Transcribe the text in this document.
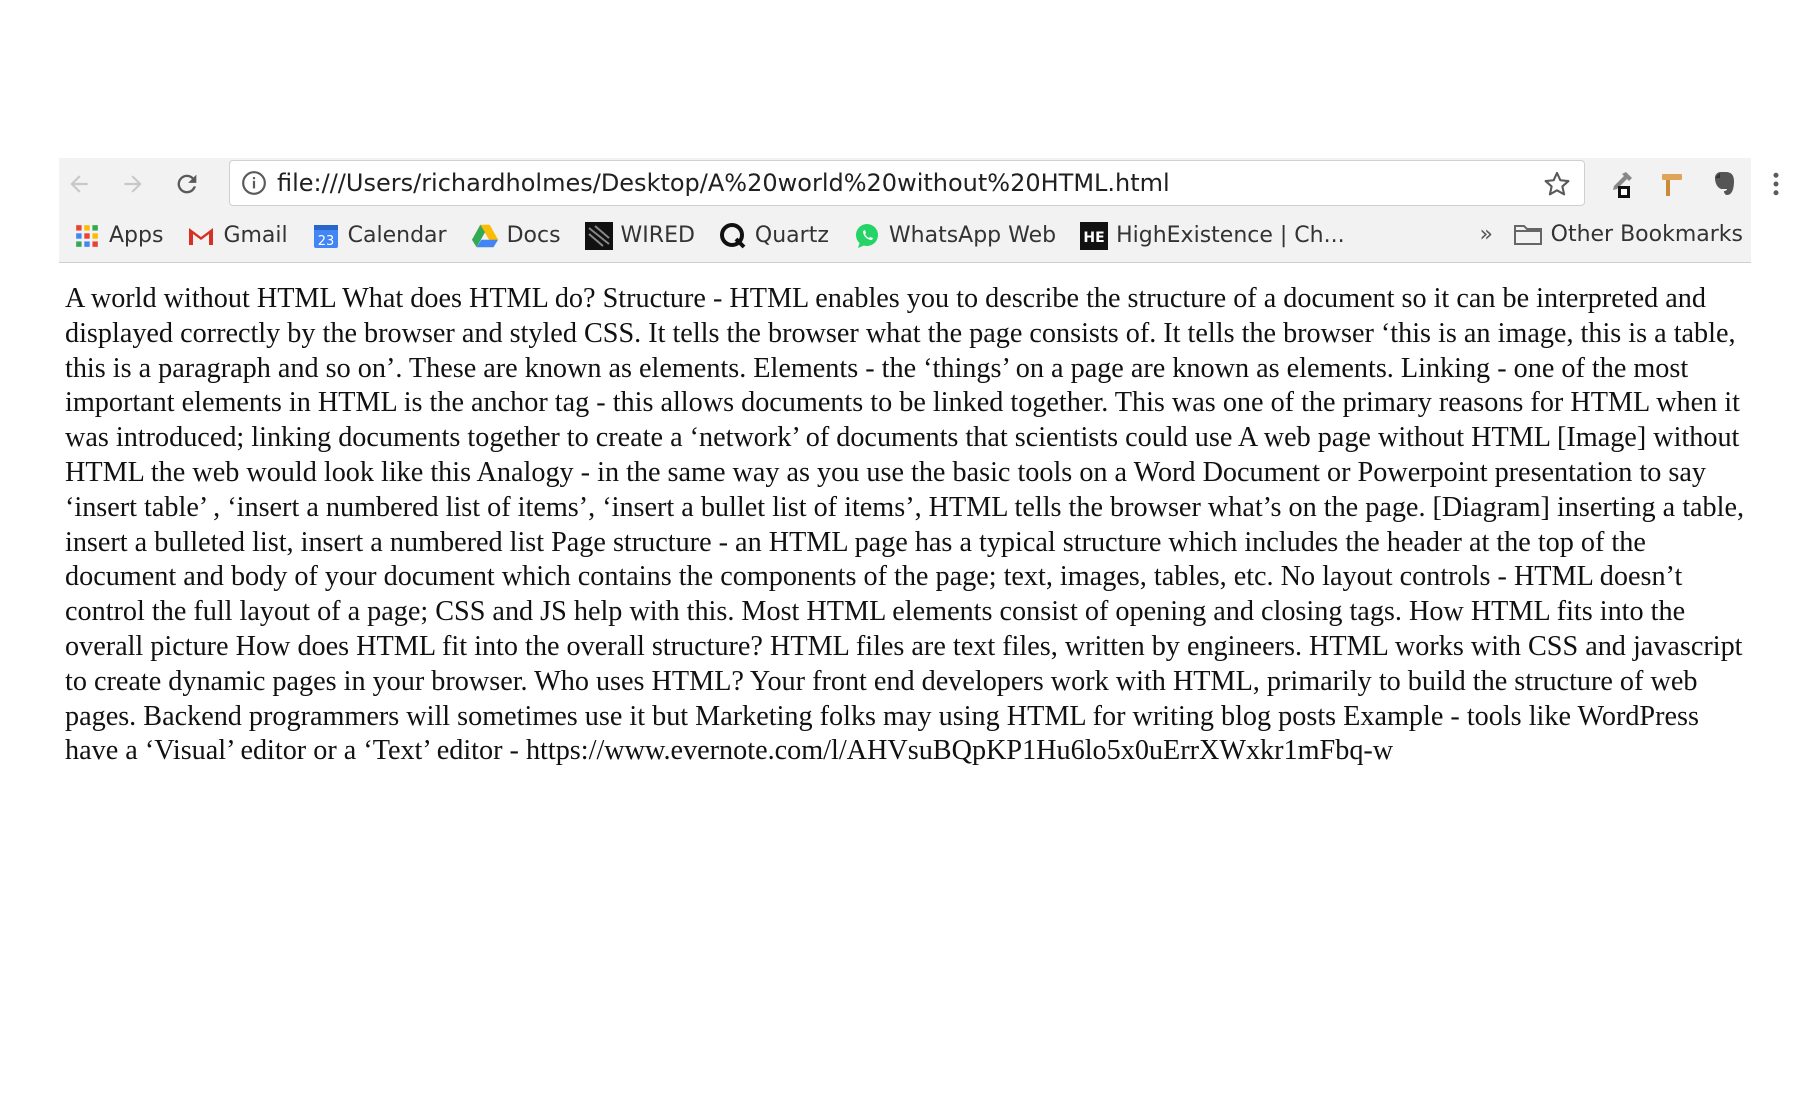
file:///Users/richardholmes/Desktop/A%20world%20without%20HTML.html
Apps	Gmail 23 Calendar	Docs	WIRED	Quartz	WhatsApp Web HE HighExistence | Ch...	»	Other Bookmarks
A world without HTML What does HTML do? Structure - HTML enables you to describe the structure of a document so it can be interpreted and displayed correctly by the browser and styled CSS. It tells the browser what the page consists of. It tells the browser ‘this is an image, this is a table, this is a paragraph and so on’. These are known as elements. Elements - the ‘things’ on a page are known as elements. Linking - one of the most important elements in HTML is the anchor tag - this allows documents to be linked together. This was one of the primary reasons for HTML when it was introduced; linking documents together to create a ‘network’ of documents that scientists could use A web page without HTML [Image] without HTML the web would look like this Analogy - in the same way as you use the basic tools on a Word Document or Powerpoint presentation to say ‘insert table’ , ‘insert a numbered list of items’, ‘insert a bullet list of items’, HTML tells the browser what’s on the page. [Diagram] inserting a table, insert a bulleted list, insert a numbered list Page structure - an HTML page has a typical structure which includes the header at the top of the document and body of your document which contains the components of the page; text, images, tables, etc. No layout controls - HTML doesn’t control the full layout of a page; CSS and JS help with this. Most HTML elements consist of opening and closing tags. How HTML fits into the overall picture How does HTML fit into the overall structure? HTML files are text files, written by engineers. HTML works with CSS and javascript to create dynamic pages in your browser. Who uses HTML? Your front end developers work with HTML, primarily to build the structure of web pages. Backend programmers will sometimes use it but Marketing folks may using HTML for writing blog posts Example - tools like WordPress have a ‘Visual’ editor or a ‘Text’ editor - https://www.evernote.com/l/AHVsuBQpKP1Hu6lo5x0uErrXWxkr1mFbq-w
